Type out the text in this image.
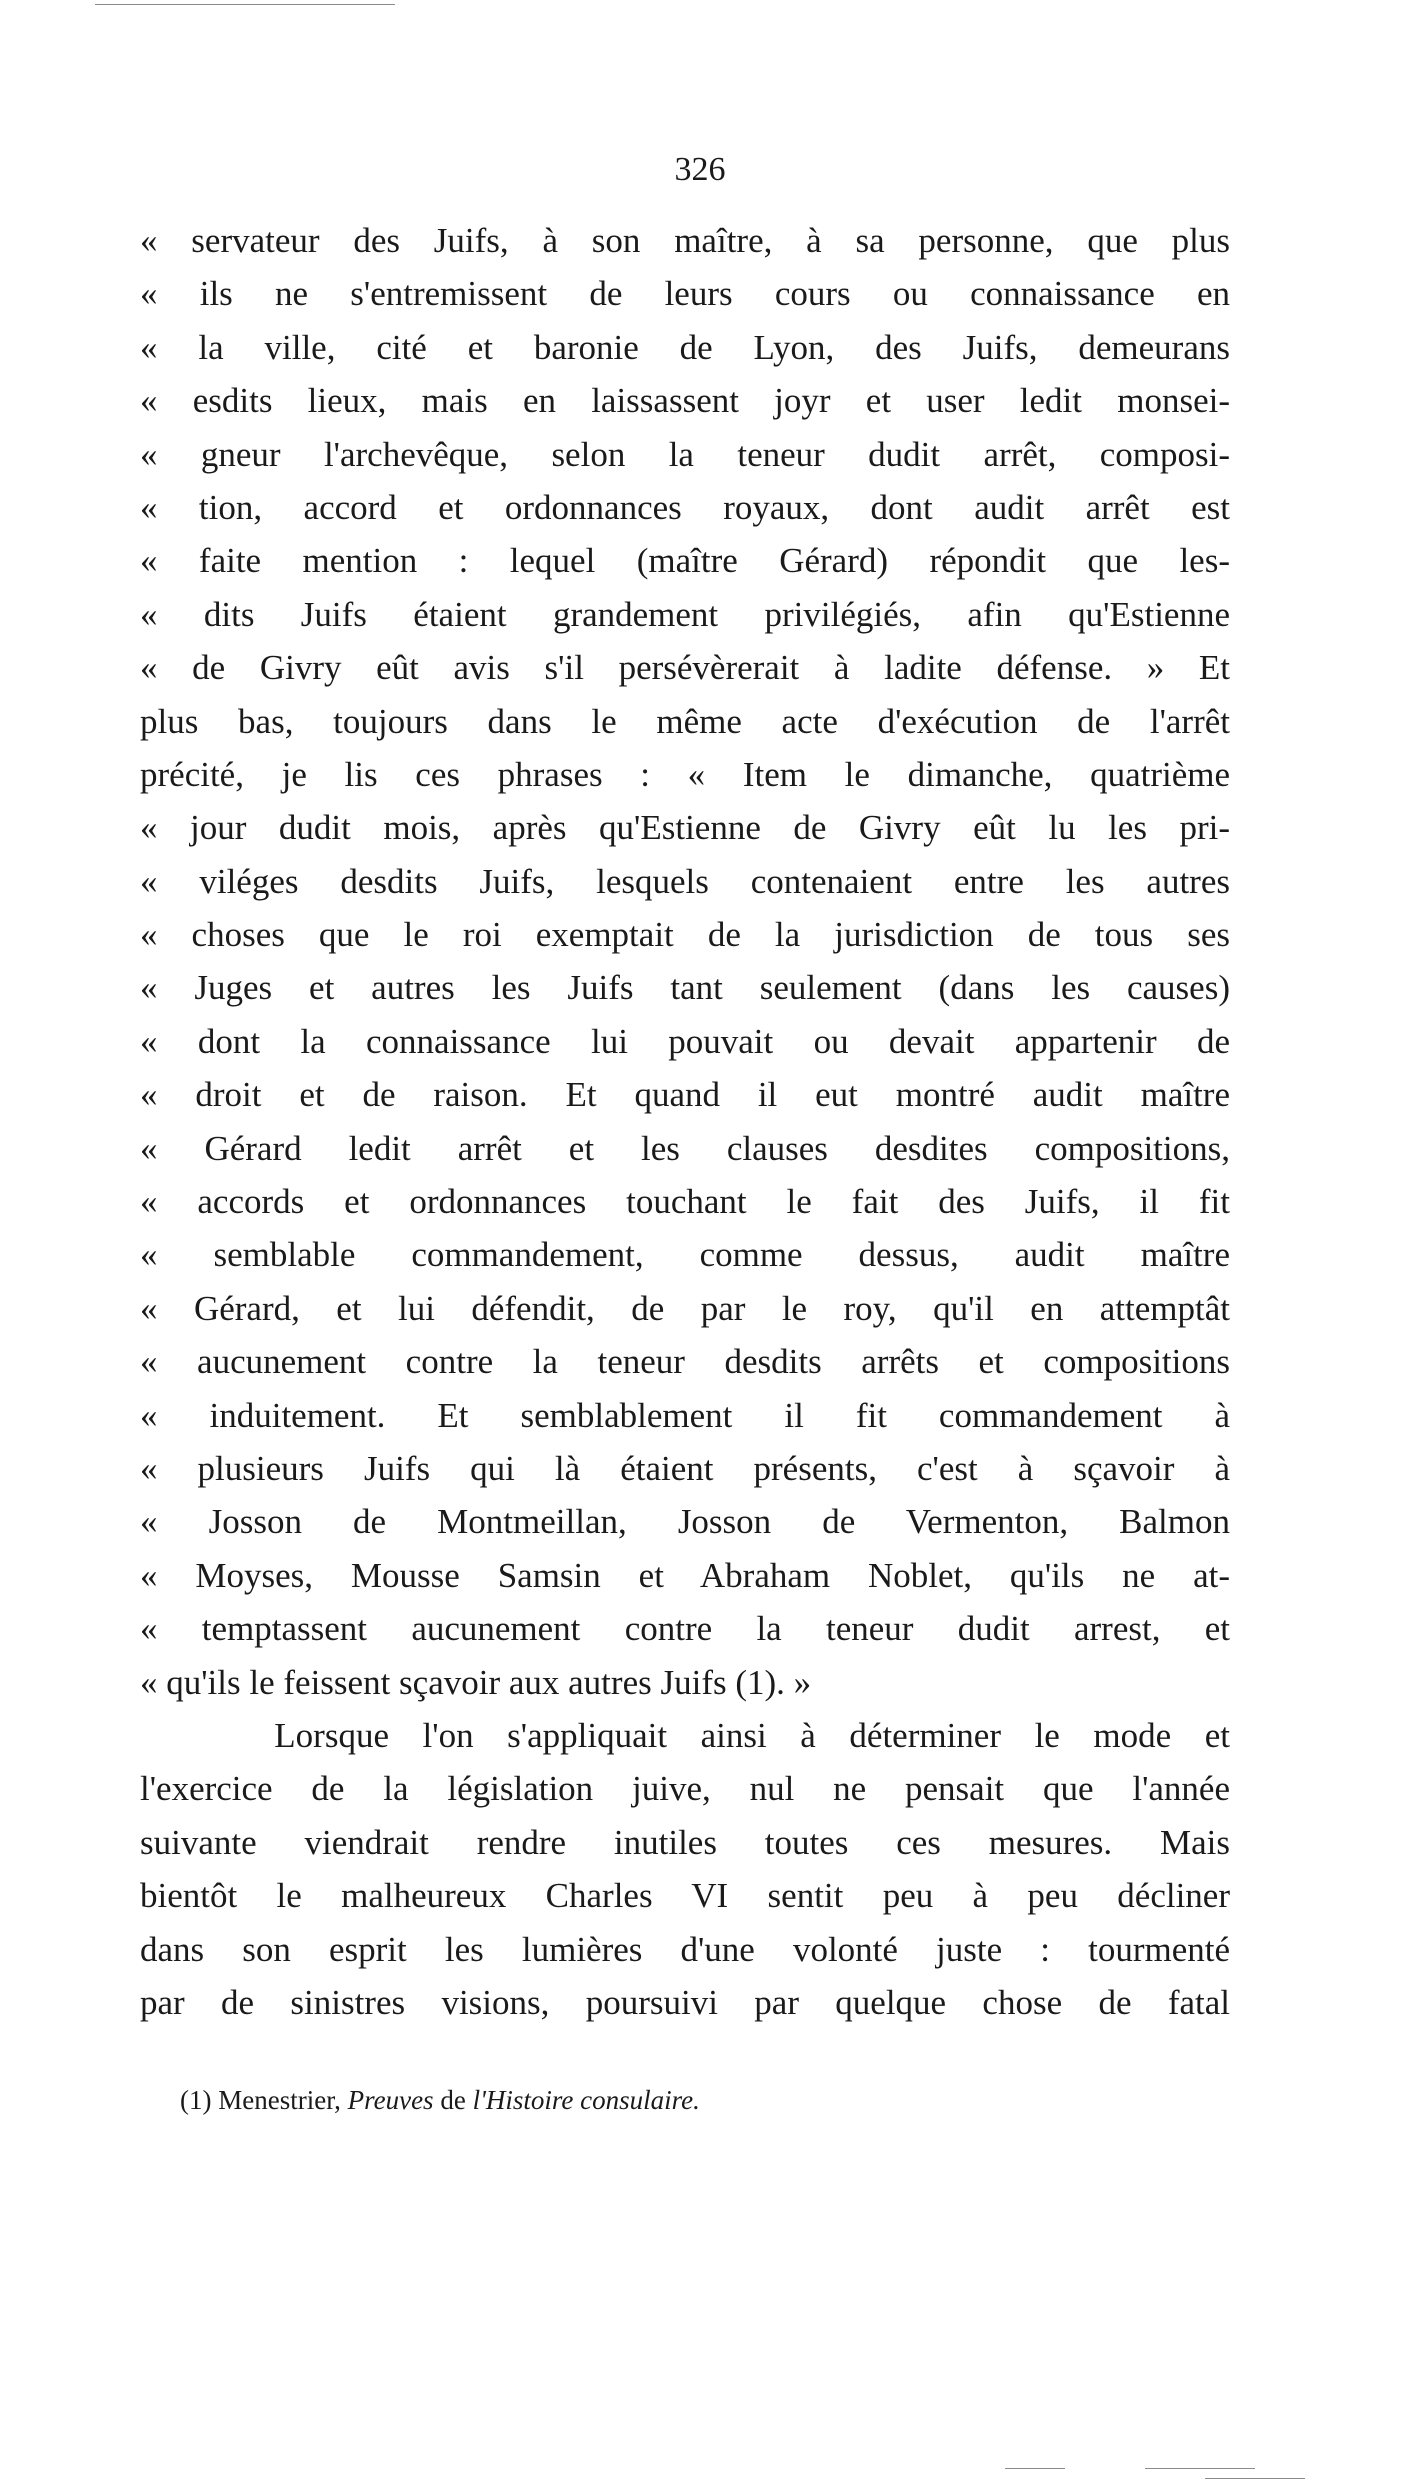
326
« servateur des Juifs, à son maître, à sa personne, que plus
« ils ne s'entremissent de leurs cours ou connaissance en
« la ville, cité et baronie de Lyon, des Juifs, demeurans
« esdits lieux, mais en laissassent joyr et user ledit monsei-
« gneur l'archevêque, selon la teneur dudit arrêt, composi-
« tion, accord et ordonnances royaux, dont audit arrêt est
« faite mention : lequel (maître Gérard) répondit que les-
« dits Juifs étaient grandement privilégiés, afin qu'Estienne
« de Givry eût avis s'il persévèrerait à ladite défense. » Et
plus bas, toujours dans le même acte d'exécution de l'arrêt
précité, je lis ces phrases : « Item le dimanche, quatrième
« jour dudit mois, après qu'Estienne de Givry eût lu les pri-
« viléges desdits Juifs, lesquels contenaient entre les autres
« choses que le roi exemptait de la jurisdiction de tous ses
« Juges et autres les Juifs tant seulement (dans les causes)
« dont la connaissance lui pouvait ou devait appartenir de
« droit et de raison. Et quand il eut montré audit maître
« Gérard ledit arrêt et les clauses desdites compositions,
« accords et ordonnances touchant le fait des Juifs, il fit
« semblable commandement, comme dessus, audit maître
« Gérard, et lui défendit, de par le roy, qu'il en attemptât
« aucunement contre la teneur desdits arrêts et compositions
« induitement. Et semblablement il fit commandement à
« plusieurs Juifs qui là étaient présents, c'est à sçavoir à
« Josson de Montmeillan, Josson de Vermenton, Balmon
« Moyses, Mousse Samsin et Abraham Noblet, qu'ils ne at-
« temptassent aucunement contre la teneur dudit arrest, et
« qu'ils le feissent sçavoir aux autres Juifs (1). »
Lorsque l'on s'appliquait ainsi à déterminer le mode et
l'exercice de la législation juive, nul ne pensait que l'année
suivante viendrait rendre inutiles toutes ces mesures. Mais
bientôt le malheureux Charles VI sentit peu à peu décliner
dans son esprit les lumières d'une volonté juste : tourmenté
par de sinistres visions, poursuivi par quelque chose de fatal
(1) Menestrier, Preuves de l'Histoire consulaire.
